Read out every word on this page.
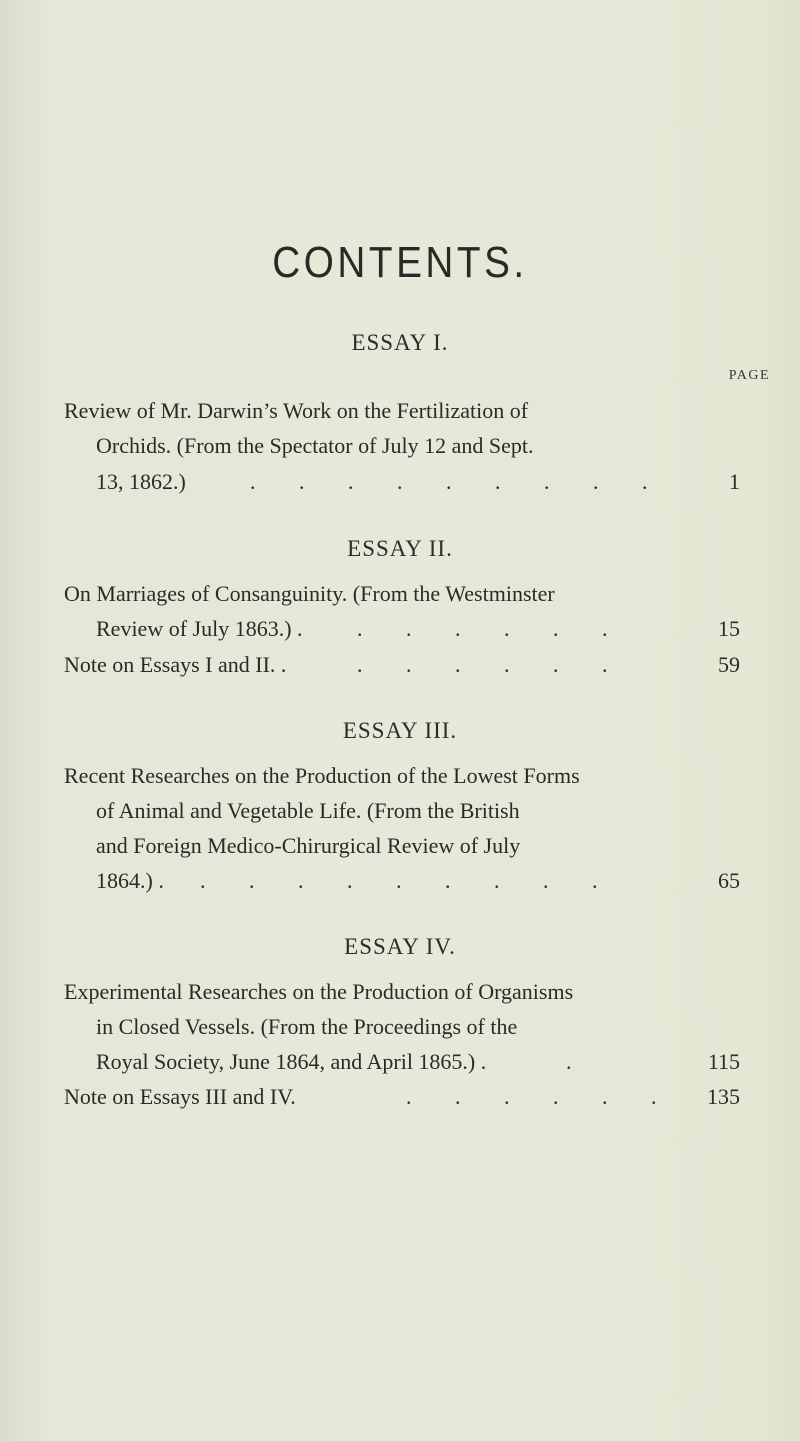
CONTENTS.
ESSAY I.
PAGE
Review of Mr. Darwin’s Work on the Fertilization of
Orchids. (From the Spectator of July 12 and Sept.
13, 1862.)	. . . . . . . . .	1
ESSAY II.
On Marriages of Consanguinity. (From the Westminster
Review of July 1863.) . . . . . . .	15
Note on Essays I and II. .	. . . . . .	59
ESSAY III.
Recent Researches on the Production of the Lowest Forms
of Animal and Vegetable Life. (From the British
and Foreign Medico-Chirurgical Review of July
1864.) . . . . . . . . . .	65
ESSAY IV.
Experimental Researches on the Production of Organisms
in Closed Vessels. (From the Proceedings of the
Royal Society, June 1864, and April 1865.) .	.	115
Note on Essays III and IV.	. . . . . .	135
